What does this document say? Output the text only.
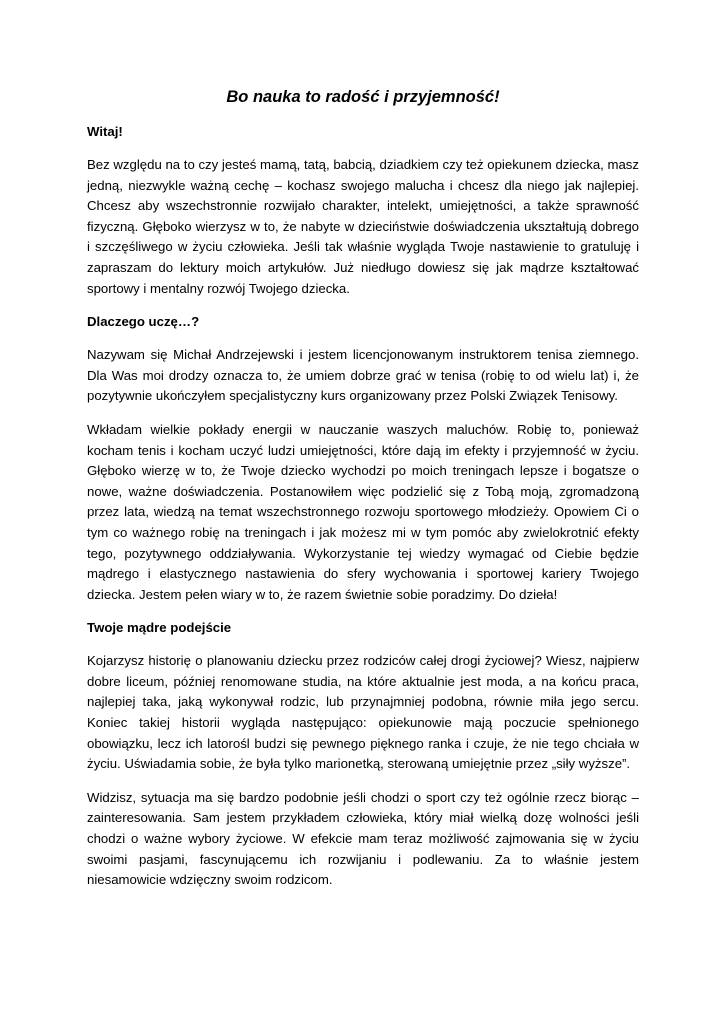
Bo nauka to radość i przyjemność!
Witaj!
Bez względu na to czy jesteś mamą, tatą, babcią, dziadkiem czy też opiekunem dziecka, masz
jedną, niezwykle ważną cechę – kochasz swojego malucha i chcesz dla niego jak najlepiej.
Chcesz aby wszechstronnie rozwijało charakter, intelekt, umiejętności, a także sprawność
fizyczną. Głęboko wierzysz w to, że nabyte w dzieciństwie doświadczenia ukształtują dobrego
i szczęśliwego w życiu człowieka. Jeśli tak właśnie wygląda Twoje nastawienie to gratuluję i
zapraszam do lektury moich artykułów. Już niedługo dowiesz się jak mądrze kształtować
sportowy i mentalny rozwój Twojego dziecka.
Dlaczego uczę…?
Nazywam się Michał Andrzejewski i jestem licencjonowanym instruktorem tenisa ziemnego.
Dla Was moi drodzy oznacza to, że umiem dobrze grać w tenisa (robię to od wielu lat) i, że
pozytywnie ukończyłem specjalistyczny kurs organizowany przez Polski Związek Tenisowy.
Wkładam wielkie pokłady energii w nauczanie waszych maluchów. Robię to, ponieważ
kocham tenis i kocham uczyć ludzi umiejętności, które dają im efekty i przyjemność w życiu.
Głęboko wierzę w to, że Twoje dziecko wychodzi po moich treningach lepsze i bogatsze o
nowe, ważne doświadczenia. Postanowiłem więc podzielić się z Tobą moją, zgromadzoną
przez lata, wiedzą na temat wszechstronnego rozwoju sportowego młodzieży. Opowiem Ci o
tym co ważnego robię na treningach i jak możesz mi w tym pomóc aby zwielokrotnić efekty
tego, pozytywnego oddziaływania. Wykorzystanie tej wiedzy wymagać od Ciebie będzie
mądrego i elastycznego nastawienia do sfery wychowania i sportowej kariery Twojego
dziecka. Jestem pełen wiary w to, że razem świetnie sobie poradzimy. Do dzieła!
Twoje mądre podejście
Kojarzysz historię o planowaniu dziecku przez rodziców całej drogi życiowej? Wiesz, najpierw
dobre liceum, później renomowane studia, na które aktualnie jest moda, a na końcu praca,
najlepiej taka, jaką wykonywał rodzic, lub przynajmniej podobna, równie miła jego sercu.
Koniec takiej historii wygląda następująco: opiekunowie mają poczucie spełnionego
obowiązku, lecz ich latorośl budzi się pewnego pięknego ranka i czuje, że nie tego chciała w
życiu. Uświadamia sobie, że była tylko marionetką, sterowaną umiejętnie przez „siły wyższe”.
Widzisz, sytuacja ma się bardzo podobnie jeśli chodzi o sport czy też ogólnie rzecz biorąc –
zainteresowania. Sam jestem przykładem człowieka, który miał wielką dozę wolności jeśli
chodzi o ważne wybory życiowe. W efekcie mam teraz możliwość zajmowania się w życiu
swoimi pasjami, fascynującemu ich rozwijaniu i podlewaniu. Za to właśnie jestem
niesamowicie wdzięczny swoim rodzicom.
